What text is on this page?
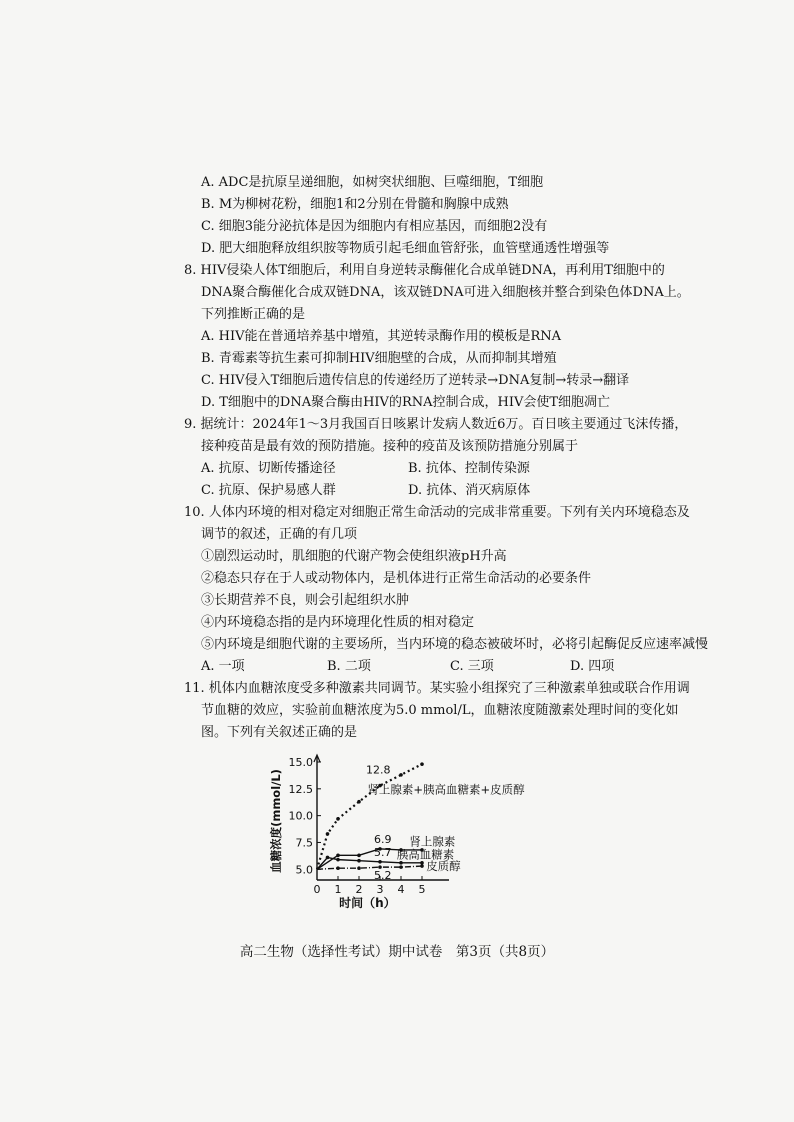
A. ADC是抗原呈递细胞，如树突状细胞、巨噬细胞，T细胞
B. M为柳树花粉，细胞1和2分别在骨髓和胸腺中成熟
C. 细胞3能分泌抗体是因为细胞内有相应基因，而细胞2没有
D. 肥大细胞释放组织胺等物质引起毛细血管舒张，血管壁通透性增强等
8. HIV侵染人体T细胞后，利用自身逆转录酶催化合成单链DNA，再利用T细胞中的
DNA聚合酶催化合成双链DNA，该双链DNA可进入细胞核并整合到染色体DNA上。
下列推断正确的是
A. HIV能在普通培养基中增殖，其逆转录酶作用的模板是RNA
B. 青霉素等抗生素可抑制HIV细胞壁的合成，从而抑制其增殖
C. HIV侵入T细胞后遗传信息的传递经历了逆转录→DNA复制→转录→翻译
D. T细胞中的DNA聚合酶由HIV的RNA控制合成，HIV会使T细胞凋亡
9. 据统计：2024年1～3月我国百日咳累计发病人数近6万。百日咳主要通过飞沫传播，
接种疫苗是最有效的预防措施。接种的疫苗及该预防措施分别属于
A. 抗原、切断传播途径	B. 抗体、控制传染源
C. 抗原、保护易感人群	D. 抗体、消灭病原体
10. 人体内环境的相对稳定对细胞正常生命活动的完成非常重要。下列有关内环境稳态及
调节的叙述，正确的有几项
①剧烈运动时，肌细胞的代谢产物会使组织液pH升高
②稳态只存在于人或动物体内，是机体进行正常生命活动的必要条件
③长期营养不良，则会引起组织水肿
④内环境稳态指的是内环境理化性质的相对稳定
⑤内环境是细胞代谢的主要场所，当内环境的稳态被破坏时，必将引起酶促反应速率减慢
A. 一项	B. 二项	C. 三项	D. 四项
11. 机体内血糖浓度受多种激素共同调节。某实验小组探究了三种激素单独或联合作用调
节血糖的效应，实验前血糖浓度为5.0 mmol/L，血糖浓度随激素处理时间的变化如
图。下列有关叙述正确的是
5.0
7.5
10.0
12.5
15.0
0 1 2 3 4 5
时间（h）
血糖浓度(mmol/L)	12.8
肾上腺素+胰高血糖素+皮质醇
6.9 肾上腺素
5.7 胰高血糖素
5.2
皮质醇
高二生物（选择性考试）期中试卷　第3页（共8页）
